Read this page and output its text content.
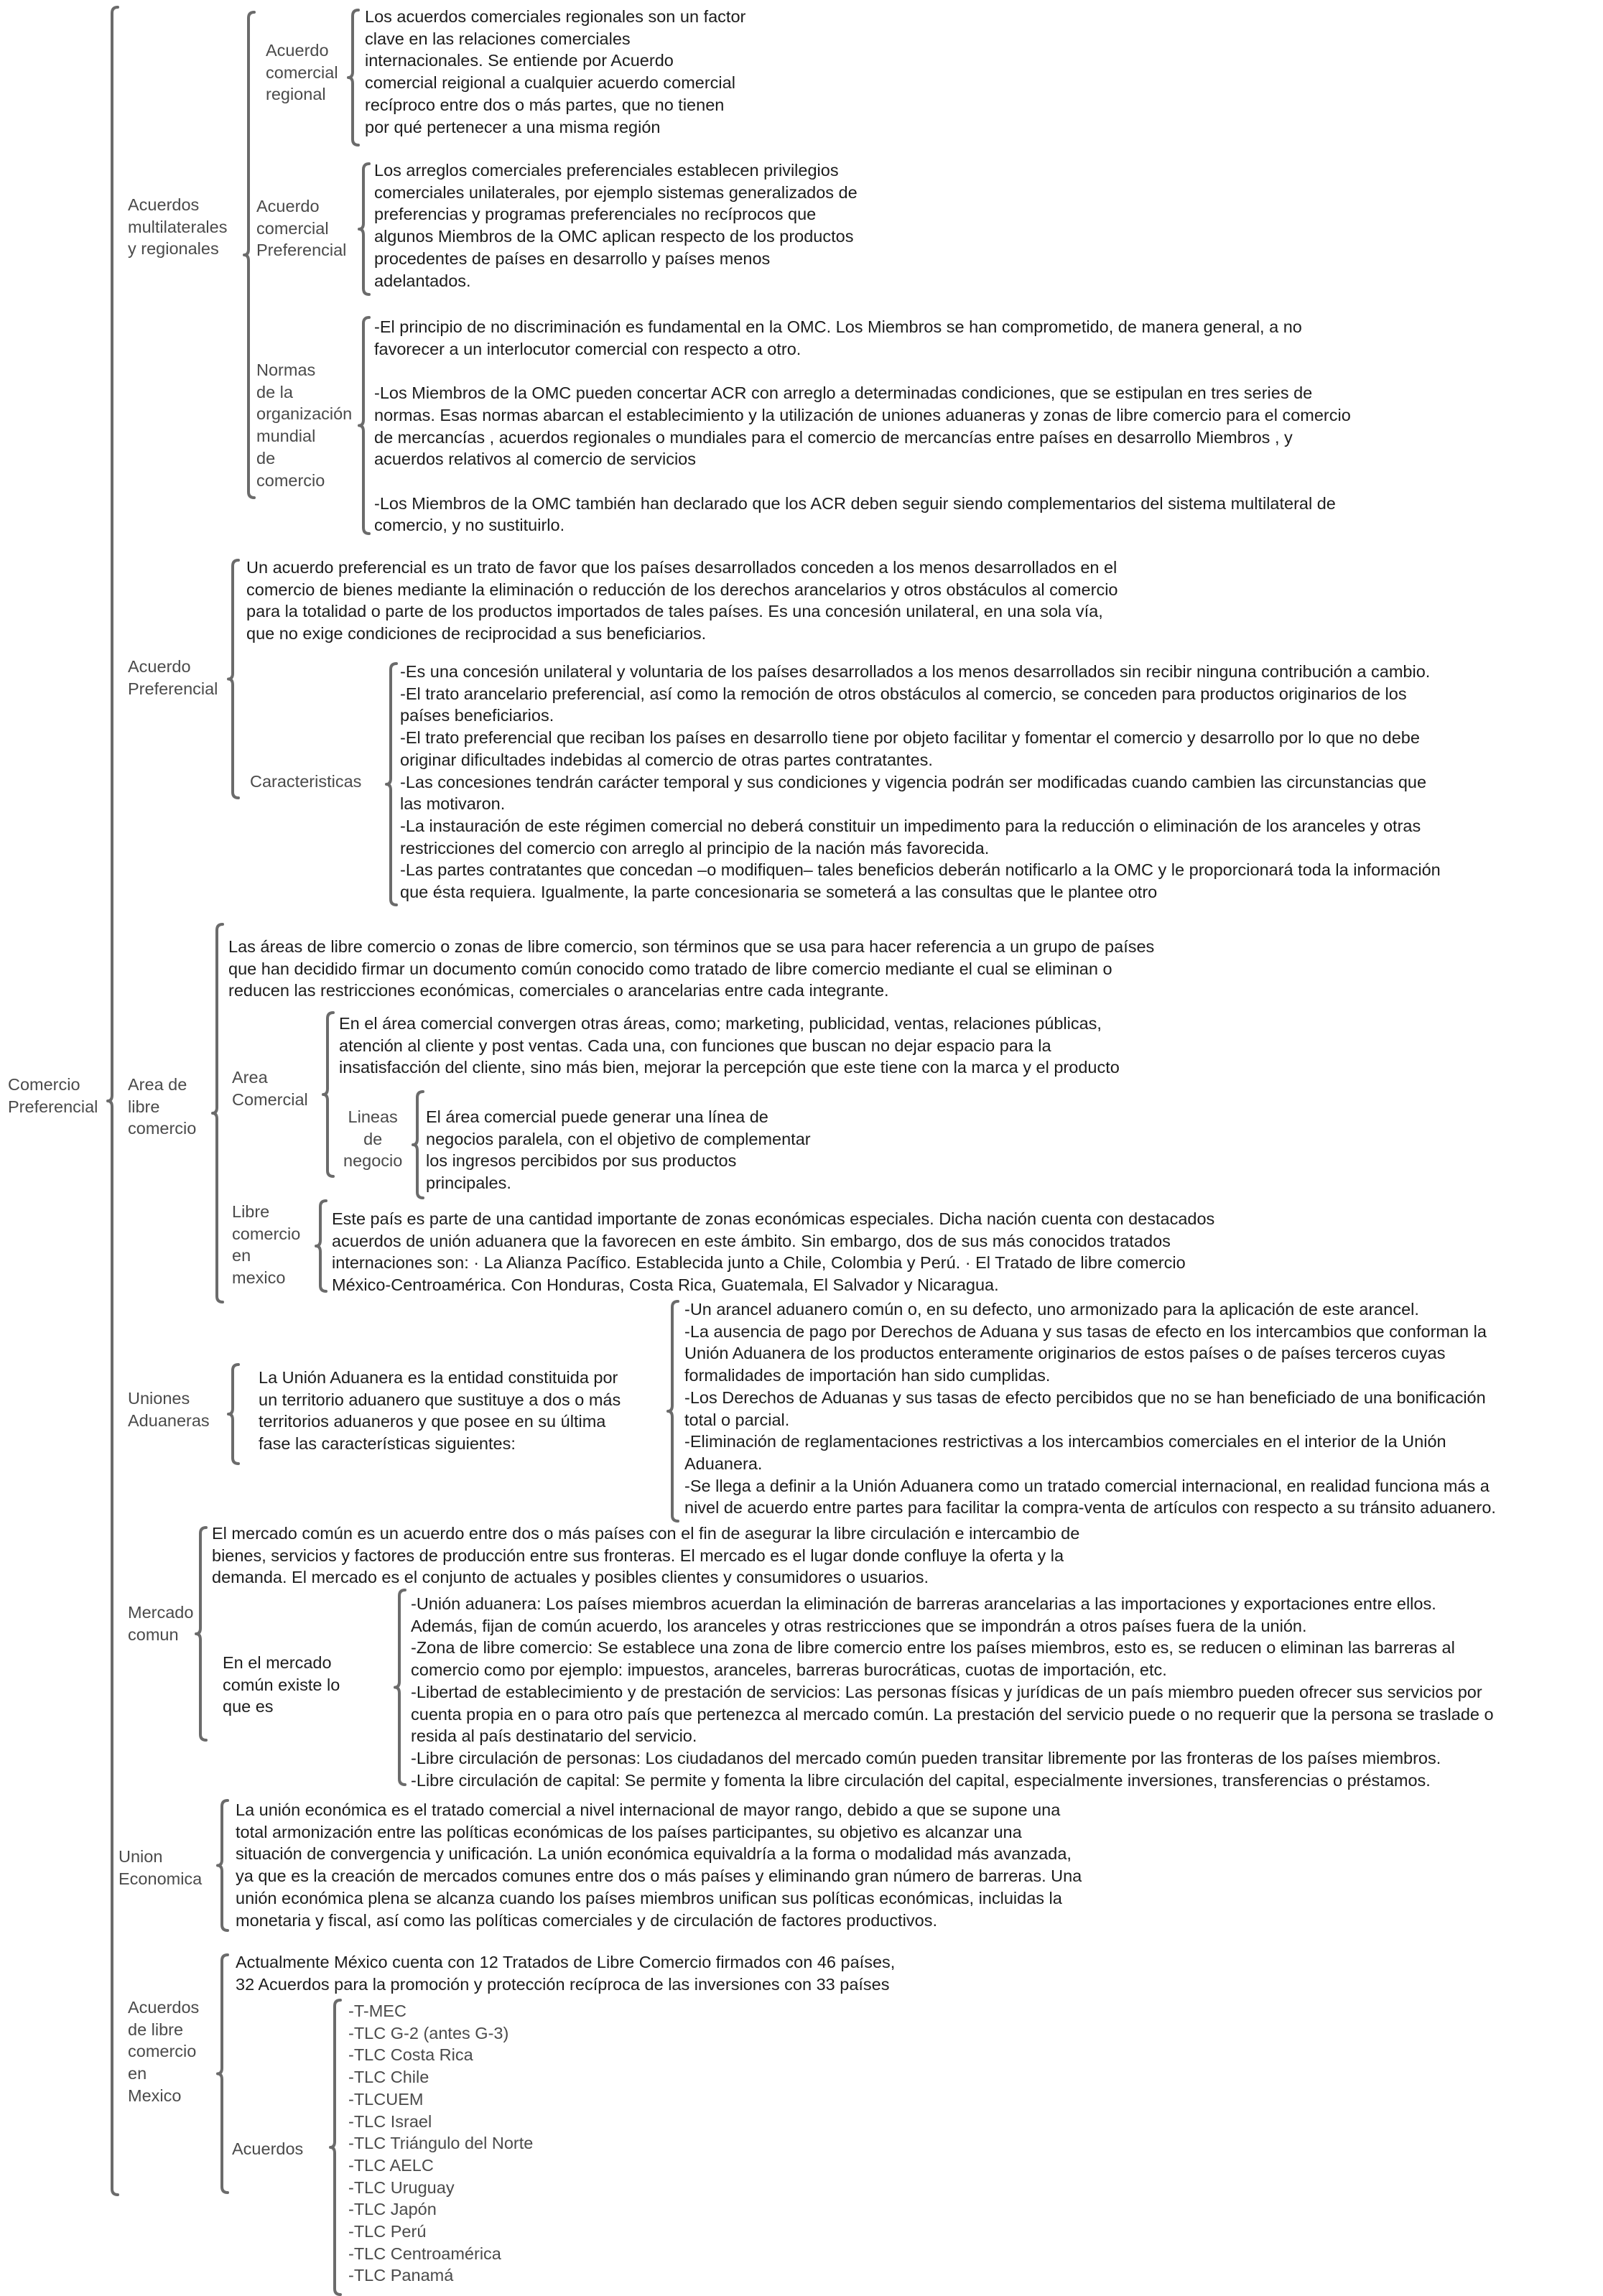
Comercio
Preferencial
Acuerdos
multilaterales
y regionales
Acuerdo
comercial
regional
Los acuerdos comerciales regionales son un factor
clave en las relaciones comerciales
internacionales. Se entiende por Acuerdo
comercial reigional a cualquier acuerdo comercial
recíproco entre dos o más partes, que no tienen
por qué pertenecer a una misma región
Acuerdo
comercial
Preferencial
Los arreglos comerciales preferenciales establecen privilegios
comerciales unilaterales, por ejemplo sistemas generalizados de
preferencias y programas preferenciales no recíprocos que
algunos Miembros de la OMC aplican respecto de los productos
procedentes de países en desarrollo y países menos
adelantados.
Normas
de la
organización
mundial
de
comercio
-El principio de no discriminación es fundamental en la OMC. Los Miembros se han comprometido, de manera general, a no
favorecer a un interlocutor comercial con respecto a otro.

-Los Miembros de la OMC pueden concertar ACR con arreglo a determinadas condiciones, que se estipulan en tres series de
normas. Esas normas abarcan el establecimiento y la utilización de uniones aduaneras y zonas de libre comercio para el comercio
de mercancías , acuerdos regionales o mundiales para el comercio de mercancías entre países en desarrollo Miembros , y
acuerdos relativos al comercio de servicios

-Los Miembros de la OMC también han declarado que los ACR deben seguir siendo complementarios del sistema multilateral de
comercio, y no sustituirlo.
Acuerdo
Preferencial
Un acuerdo preferencial es un trato de favor que los países desarrollados conceden a los menos desarrollados en el
comercio de bienes mediante la eliminación o reducción de los derechos arancelarios y otros obstáculos al comercio
para la totalidad o parte de los productos importados de tales países. Es una concesión unilateral, en una sola vía,
que no exige condiciones de reciprocidad a sus beneficiarios.
Caracteristicas
-Es una concesión unilateral y voluntaria de los países desarrollados a los menos desarrollados sin recibir ninguna contribución a cambio.
-El trato arancelario preferencial, así como la remoción de otros obstáculos al comercio, se conceden para productos originarios de los
países beneficiarios.
-El trato preferencial que reciban los países en desarrollo tiene por objeto facilitar y fomentar el comercio y desarrollo por lo que no debe
originar dificultades indebidas al comercio de otras partes contratantes.
-Las concesiones tendrán carácter temporal y sus condiciones y vigencia podrán ser modificadas cuando cambien las circunstancias que
las motivaron.
-La instauración de este régimen comercial no deberá constituir un impedimento para la reducción o eliminación de los aranceles y otras
restricciones del comercio con arreglo al principio de la nación más favorecida.
-Las partes contratantes que concedan –o modifiquen– tales beneficios deberán notificarlo a la OMC y le proporcionará toda la información
que ésta requiera. Igualmente, la parte concesionaria se someterá a las consultas que le plantee otro
Area de
libre
comercio
Las áreas de libre comercio o zonas de libre comercio, son términos que se usa para hacer referencia a un grupo de países
que han decidido firmar un documento común conocido como tratado de libre comercio mediante el cual se eliminan o
reducen las restricciones económicas, comerciales o arancelarias entre cada integrante.
Area
Comercial
En el área comercial convergen otras áreas, como; marketing, publicidad, ventas, relaciones públicas,
atención al cliente y post ventas. Cada una, con funciones que buscan no dejar espacio para la
insatisfacción del cliente, sino más bien, mejorar la percepción que este tiene con la marca y el producto
Lineas
de
negocio
El área comercial puede generar una línea de
negocios paralela, con el objetivo de complementar
los ingresos percibidos por sus productos
principales.
Libre
comercio
en
mexico
Este país es parte de una cantidad importante de zonas económicas especiales. Dicha nación cuenta con destacados
acuerdos de unión aduanera que la favorecen en este ámbito. Sin embargo, dos de sus más conocidos tratados
internaciones son: · La Alianza Pacífico. Establecida junto a Chile, Colombia y Perú. · El Tratado de libre comercio
México-Centroamérica. Con Honduras, Costa Rica, Guatemala, El Salvador y Nicaragua.
Uniones
Aduaneras
La Unión Aduanera es la entidad constituida por
un territorio aduanero que sustituye a dos o más
territorios aduaneros y que posee en su última
fase las características siguientes:
-Un arancel aduanero común o, en su defecto, uno armonizado para la aplicación de este arancel.
-La ausencia de pago por Derechos de Aduana y sus tasas de efecto en los intercambios que conforman la
Unión Aduanera de los productos enteramente originarios de estos países o de países terceros cuyas
formalidades de importación han sido cumplidas.
-Los Derechos de Aduanas y sus tasas de efecto percibidos que no se han beneficiado de una bonificación
total o parcial.
-Eliminación de reglamentaciones restrictivas a los intercambios comerciales en el interior de la Unión
Aduanera.
-Se llega a definir a la Unión Aduanera como un tratado comercial internacional, en realidad funciona más a
nivel de acuerdo entre partes para facilitar la compra-venta de artículos con respecto a su tránsito aduanero.
Mercado
comun
El mercado común es un acuerdo entre dos o más países con el fin de asegurar la libre circulación e intercambio de
bienes, servicios y factores de producción entre sus fronteras. El mercado es el lugar donde confluye la oferta y la
demanda. El mercado es el conjunto de actuales y posibles clientes y consumidores o usuarios.
En el mercado
común existe lo
que es
-Unión aduanera: Los países miembros acuerdan la eliminación de barreras arancelarias a las importaciones y exportaciones entre ellos.
Además, fijan de común acuerdo, los aranceles y otras restricciones que se impondrán a otros países fuera de la unión.
-Zona de libre comercio: Se establece una zona de libre comercio entre los países miembros, esto es, se reducen o eliminan las barreras al
comercio como por ejemplo: impuestos, aranceles, barreras burocráticas, cuotas de importación, etc.
-Libertad de establecimiento y de prestación de servicios: Las personas físicas y jurídicas de un país miembro pueden ofrecer sus servicios por
cuenta propia en o para otro país que pertenezca al mercado común. La prestación del servicio puede o no requerir que la persona se traslade o
resida al país destinatario del servicio.
-Libre circulación de personas: Los ciudadanos del mercado común pueden transitar libremente por las fronteras de los países miembros.
-Libre circulación de capital: Se permite y fomenta la libre circulación del capital, especialmente inversiones, transferencias o préstamos.
Union
Economica
La unión económica es el tratado comercial a nivel internacional de mayor rango, debido a que se supone una
total armonización entre las políticas económicas de los países participantes, su objetivo es alcanzar una
situación de convergencia y unificación. La unión económica equivaldría a la forma o modalidad más avanzada,
ya que es la creación de mercados comunes entre dos o más países y eliminando gran número de barreras. Una
unión económica plena se alcanza cuando los países miembros unifican sus políticas económicas, incluidas la
monetaria y fiscal, así como las políticas comerciales y de circulación de factores productivos.
Acuerdos
de libre
comercio
en
Mexico
Actualmente México cuenta con 12 Tratados de Libre Comercio firmados con 46 países,
32 Acuerdos para la promoción y protección recíproca de las inversiones con 33 países
Acuerdos
-T-MEC
-TLC G-2 (antes G-3)
-TLC Costa Rica
-TLC Chile
-TLCUEM
-TLC Israel
-TLC Triángulo del Norte
-TLC AELC
-TLC Uruguay
-TLC Japón
-TLC Perú
-TLC Centroamérica
-TLC Panamá
